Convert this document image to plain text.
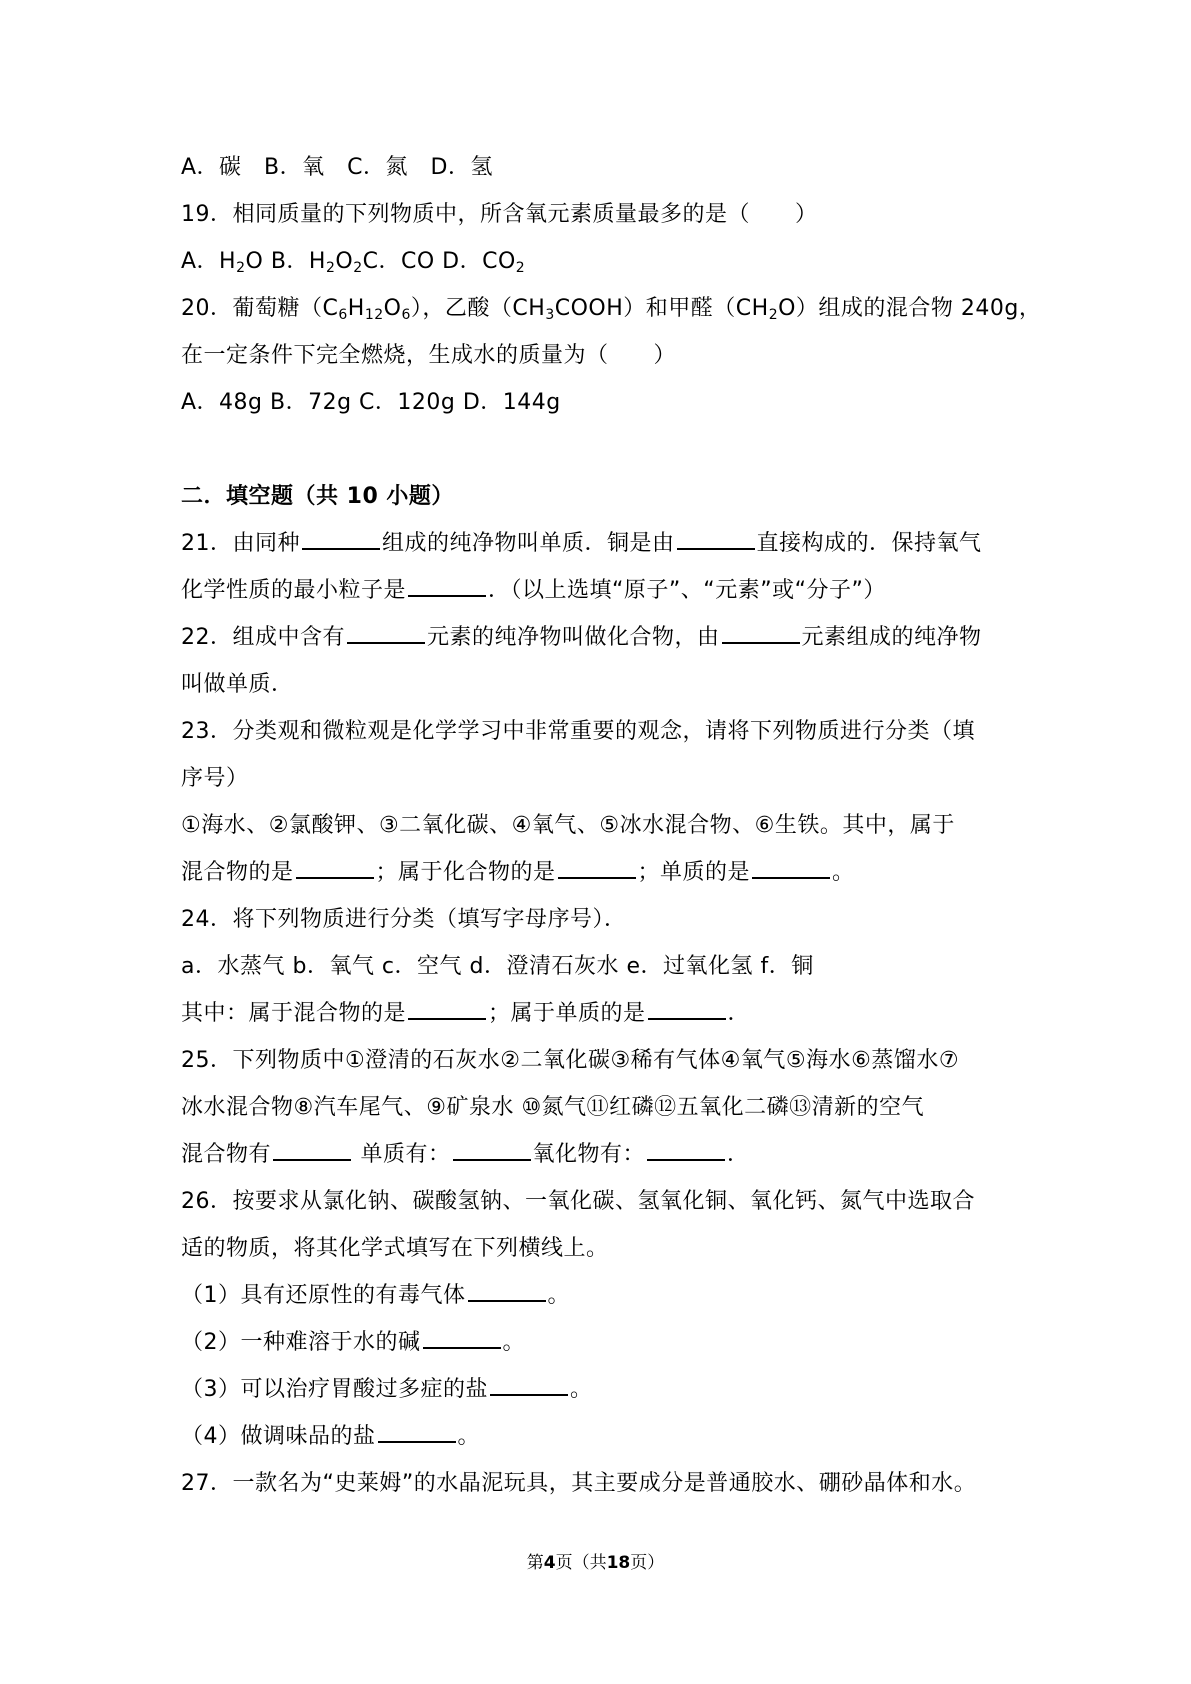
A．碳　B．氧　C．氮　D．氢
19．相同质量的下列物质中，所含氧元素质量最多的是（　　）
A．$H_2O$ B．$H_2O_2C$．CO D．$CO_2$
20．葡萄糖$(C_6H_{12}O_6)$，乙酸$(CH_3COOH)$和甲醛$(CH_2O)$组成的混合物 240g，
在一定条件下完全燃烧，生成水的质量为（　　）
A．48g B．72g C．120g D．144g
二．填空题（共 10 小题）
21．由同种	组成的纯净物叫单质．铜是由	直接构成的．保持氧气
化学性质的最小粒子是	．（以上选填“原子”、“元素”或“分子”）
22．组成中含有	元素的纯净物叫做化合物，由	元素组成的纯净物
叫做单质．
23．分类观和微粒观是化学学习中非常重要的观念，请将下列物质进行分类（填
序号）
①海水、②氯酸钾、③二氧化碳、④氧气、⑤冰水混合物、⑥生铁。其中，属于
混合物的是	；属于化合物的是	；单质的是	。
24．将下列物质进行分类（填写字母序号）．
a．水蒸气 b．氧气 c．空气 d．澄清石灰水 e．过氧化氢 f．铜
其中：属于混合物的是	；属于单质的是	．
25．下列物质中①澄清的石灰水②二氧化碳③稀有气体④氧气⑤海水⑥蒸馏水⑦
冰水混合物⑧汽车尾气、⑨矿泉水 ⑩氮气⑪红磷⑫五氧化二磷⑬清新的空气
混合物有	单质有：	氧化物有：	．
26．按要求从氯化钠、碳酸氢钠、一氧化碳、氢氧化铜、氧化钙、氮气中选取合
适的物质，将其化学式填写在下列横线上。
（1）具有还原性的有毒气体	。
（2）一种难溶于水的碱	。
（3）可以治疗胃酸过多症的盐	。
（4）做调味品的盐	。
27．一款名为“史莱姆”的水晶泥玩具，其主要成分是普通胶水、硼砂晶体和水。
第4页（共18页）
